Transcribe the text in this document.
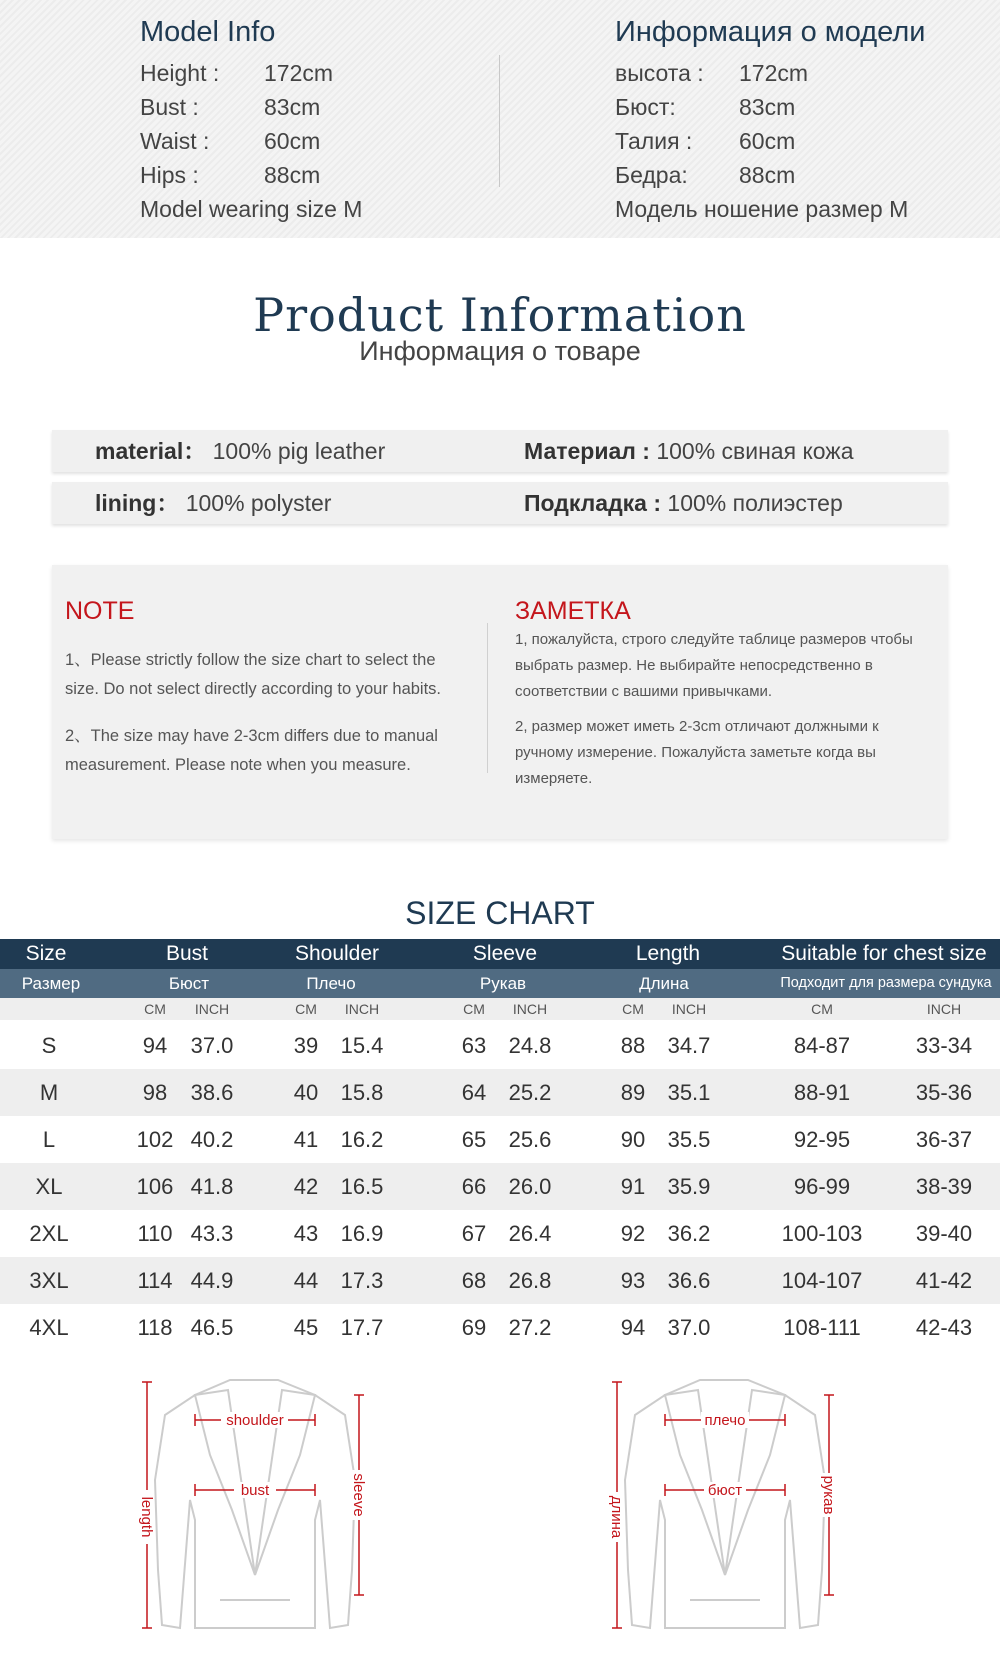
Model Info
Height : 172cm
Bust :	83cm
Waist : 60cm
Hips :	88cm
Model wearing size M
Информация о модели
высота : 172cm
Бюст:	83cm
Талия : 60cm
Бедра: 88cm
Модель ношение размер M
Product Information
Информация о товаре
material： 100% pig leather	Материал : 100% свиная кожа
lining： 100% polyster	Подкладка : 100% полиэстер
NOTE

1、Please strictly follow the size chart to select the size. Do not select directly according to your habits.

2、The size may have 2-3cm differs due to manual measurement. Please note when you measure.

ЗАМЕТКА

1, пожалуйста, строго следуйте таблице размеров чтобы выбрать размер. Не выбирайте непосредственно в соответствии с вашими привычками.

2, размер может иметь 2-3cm отличают должными к ручному измерение. Пожалуйста заметьте когда вы измеряете.

SIZE CHART
Size	Bust	Shoulder	Sleeve	Length	Suitable for chest size
Размер	Бюст	Плечо	Рукав	Длина	Подходит для размера сундука
CM INCH	CM INCH	CM INCH	CM INCH	CM	INCH
S	94 37.0	39 15.4	63 24.8	88 34.7	84-87	33-34
M	98 38.6	40 15.8	64 25.2	89 35.1	88-91	35-36
L	102 40.2	41 16.2	65 25.6	90 35.5	92-95	36-37
XL	106 41.8	42 16.5	66 26.0	91 35.9	96-99	38-39
2XL	110 43.3	43 16.9	67 26.4	92 36.2	100-103 39-40
3XL	114 44.9	44 17.3	68 26.8	93 36.6	104-107 41-42
4XL	118 46.5	45 17.7	69 27.2	94 37.0	108-111	42-43
shoulder
bust
length
sleeve
плечо
бюст
длина
рукав
